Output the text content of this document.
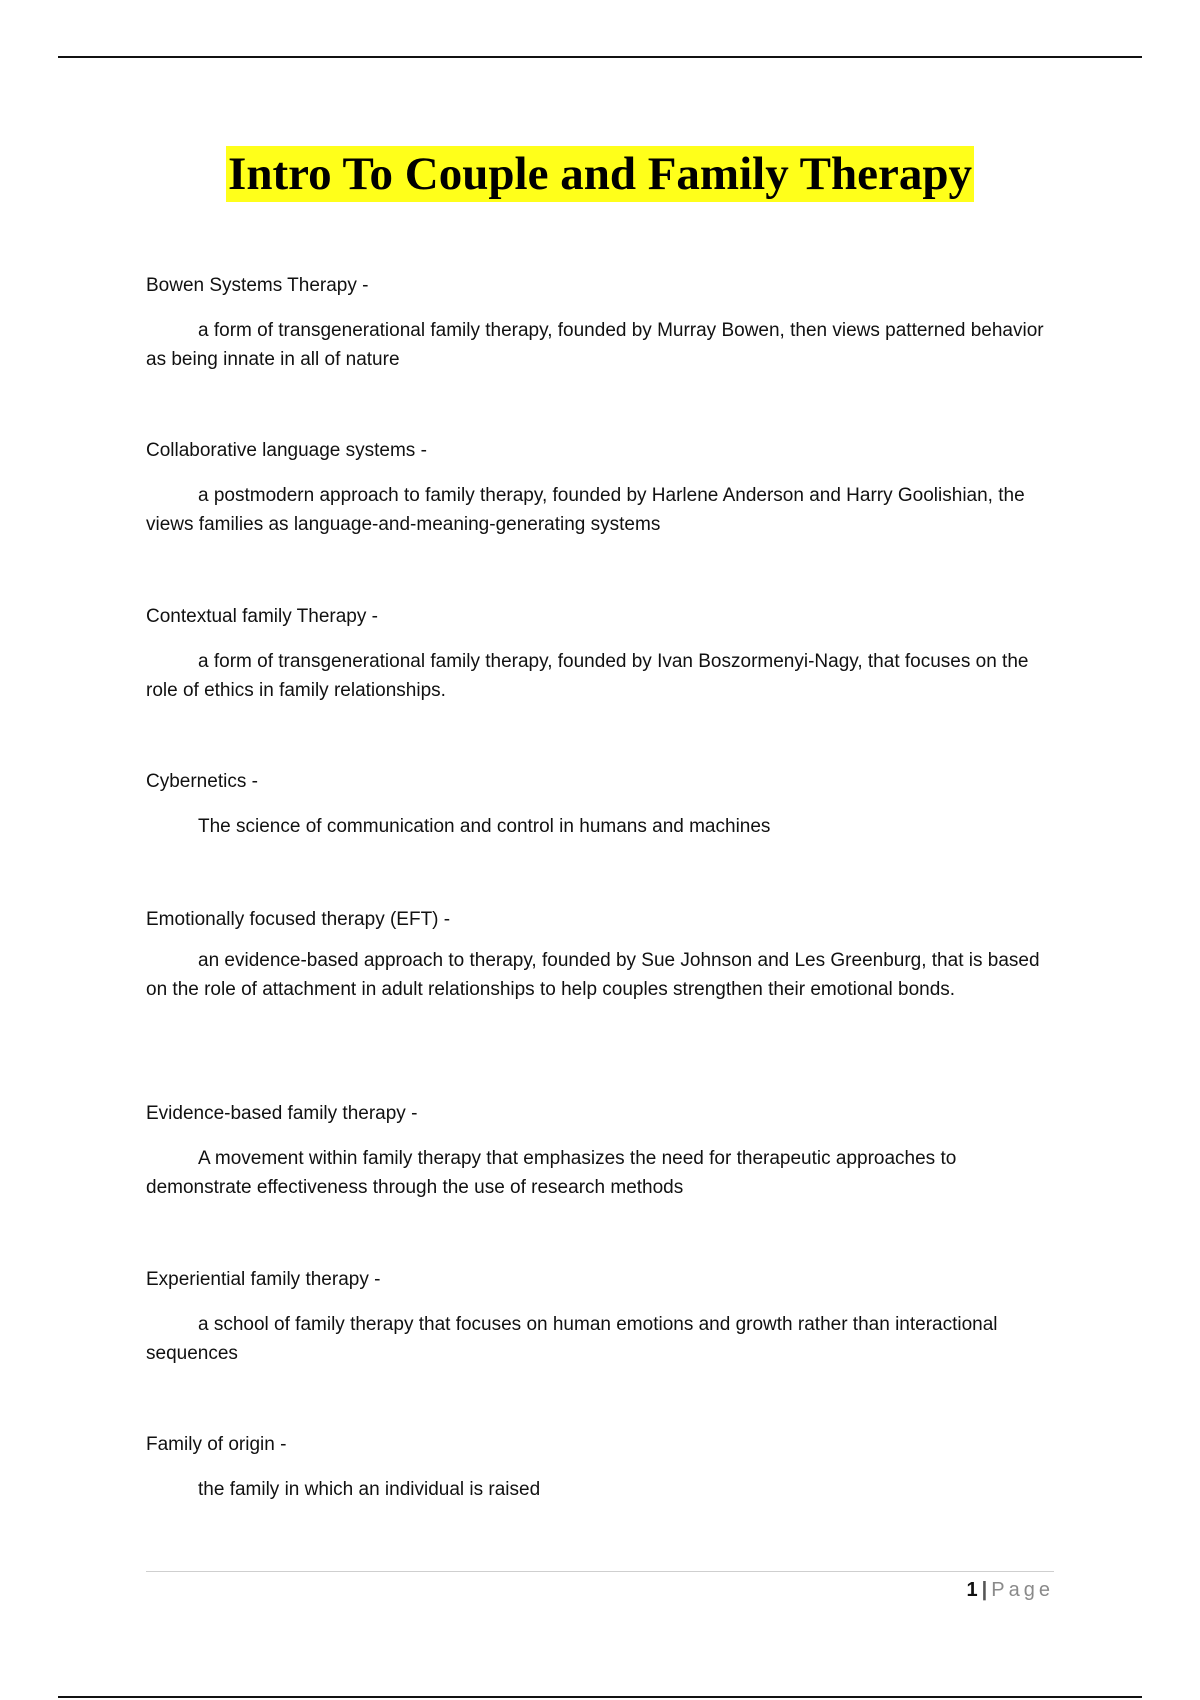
Intro To Couple and Family Therapy

Bowen Systems Therapy -

a form of transgenerational family therapy, founded by Murray Bowen, then views patterned behavior as being innate in all of nature

Collaborative language systems -

a postmodern approach to family therapy, founded by Harlene Anderson and Harry Goolishian, the views families as language-and-meaning-generating systems

Contextual family Therapy -

a form of transgenerational family therapy, founded by Ivan Boszormenyi-Nagy, that focuses on the role of ethics in family relationships.

Cybernetics -

The science of communication and control in humans and machines

Emotionally focused therapy (EFT) -

an evidence-based approach to therapy, founded by Sue Johnson and Les Greenburg, that is based on the role of attachment in adult relationships to help couples strengthen their emotional bonds.

Evidence-based family therapy -

A movement within family therapy that emphasizes the need for therapeutic approaches to demonstrate effectiveness through the use of research methods

Experiential family therapy -

a school of family therapy that focuses on human emotions and growth rather than interactional sequences

Family of origin -

the family in which an individual is raised

1 | Page
